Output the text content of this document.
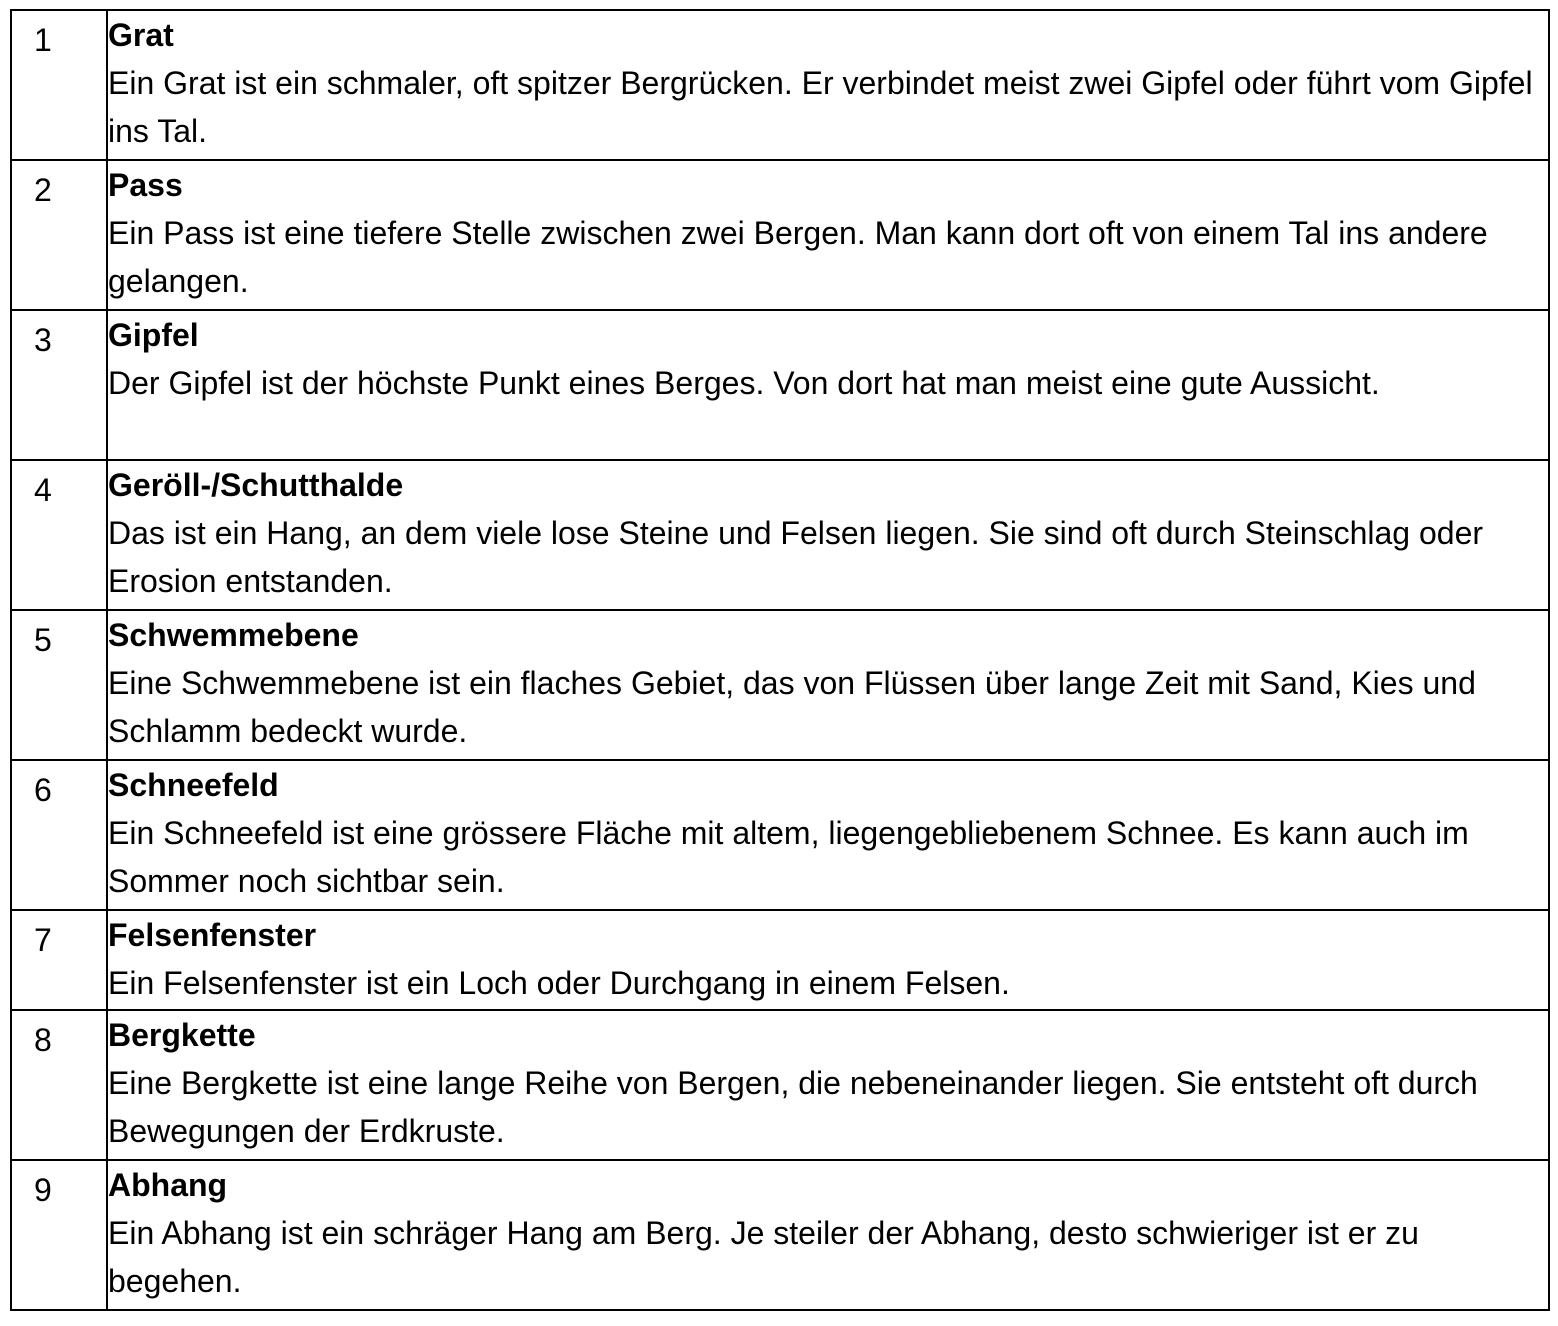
1	Grat
Ein Grat ist ein schmaler, oft spitzer Bergrücken. Er verbindet meist zwei Gipfel oder führt vom Gipfel ins Tal.

2	Pass
Ein Pass ist eine tiefere Stelle zwischen zwei Bergen. Man kann dort oft von einem Tal ins andere gelangen.

3	Gipfel
Der Gipfel ist der höchste Punkt eines Berges. Von dort hat man meist eine gute Aussicht.

4	Geröll-/Schutthalde
Das ist ein Hang, an dem viele lose Steine und Felsen liegen. Sie sind oft durch Steinschlag oder Erosion entstanden.

5	Schwemmebene
Eine Schwemmebene ist ein flaches Gebiet, das von Flüssen über lange Zeit mit Sand, Kies und Schlamm bedeckt wurde.

6	Schneefeld
Ein Schneefeld ist eine grössere Fläche mit altem, liegengebliebenem Schnee. Es kann auch im Sommer noch sichtbar sein.

7	Felsenfenster
Ein Felsenfenster ist ein Loch oder Durchgang in einem Felsen.

8	Bergkette
Eine Bergkette ist eine lange Reihe von Bergen, die nebeneinander liegen. Sie entsteht oft durch Bewegungen der Erdkruste.

9	Abhang
Ein Abhang ist ein schräger Hang am Berg. Je steiler der Abhang, desto schwieriger ist er zu begehen.
